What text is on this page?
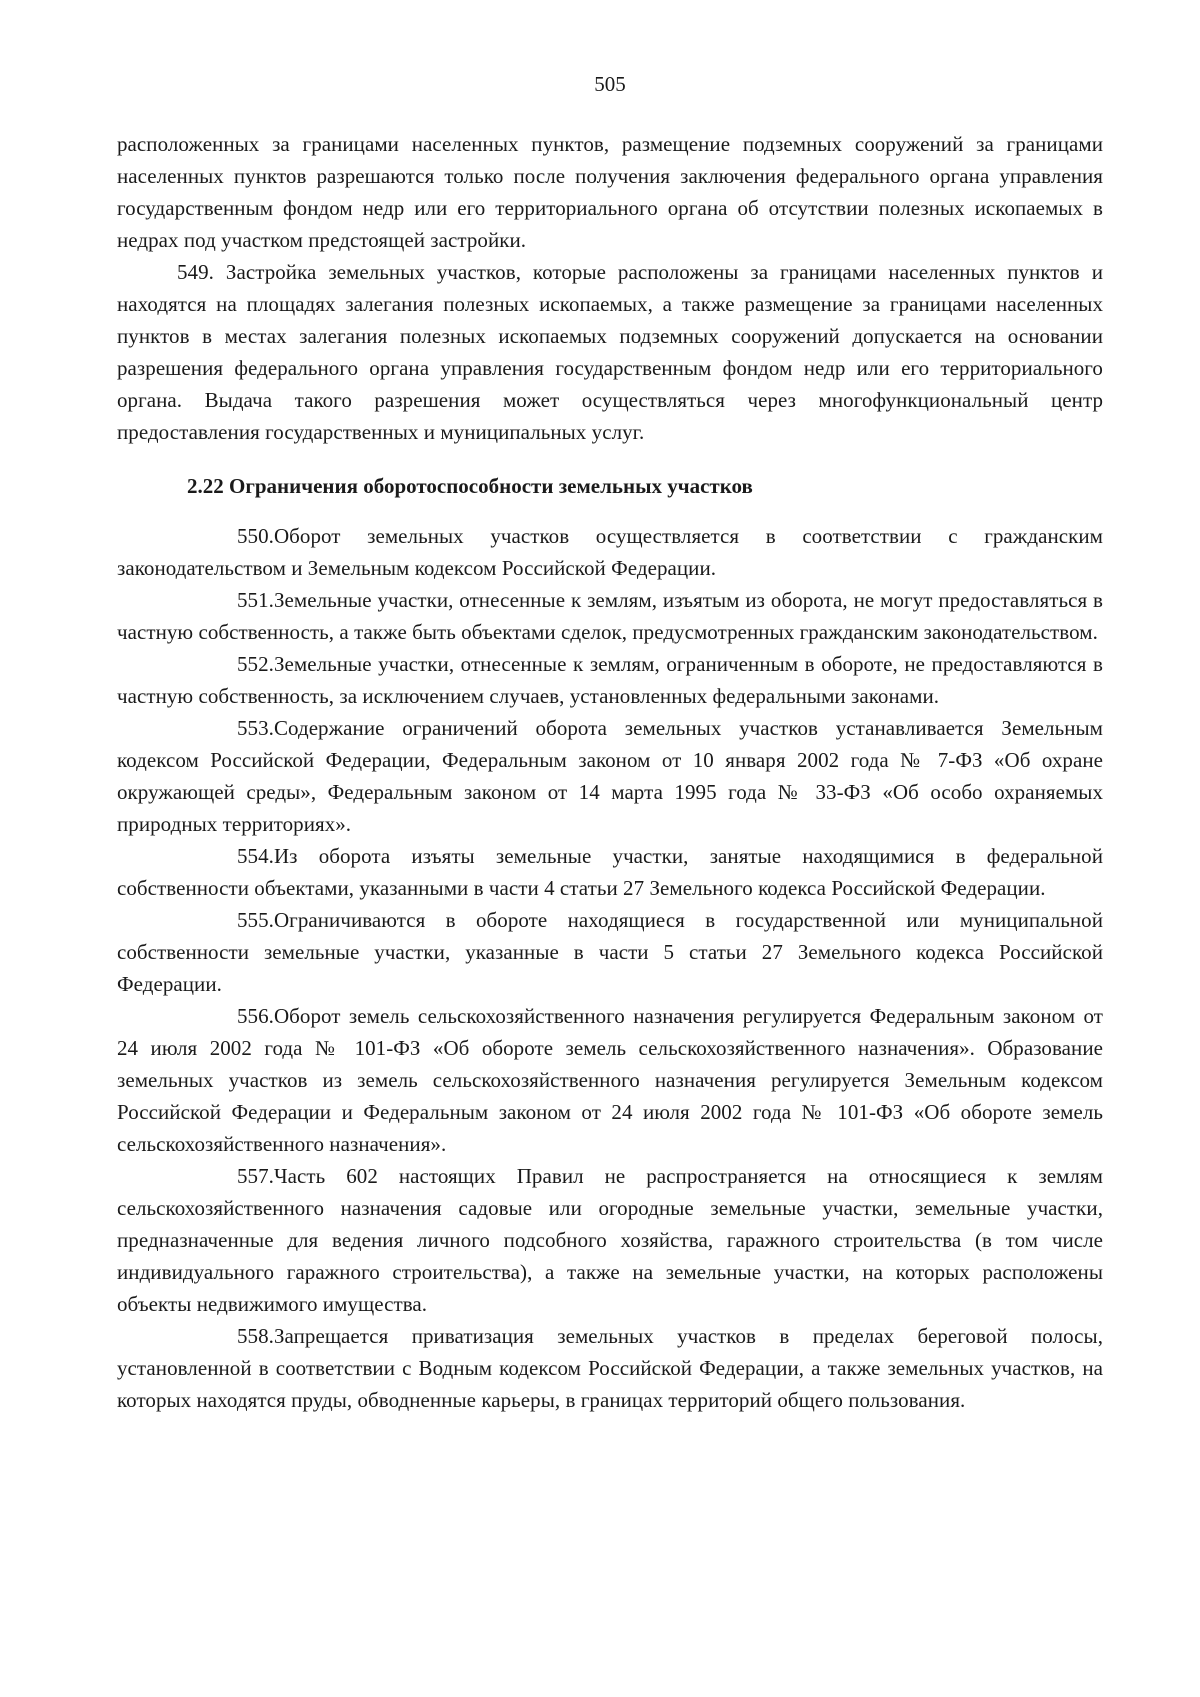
505

расположенных за границами населенных пунктов, размещение подземных сооружений за границами населенных пунктов разрешаются только после получения заключения федерального органа управления государственным фондом недр или его территориального органа об отсутствии полезных ископаемых в недрах под участком предстоящей застройки.

549. Застройка земельных участков, которые расположены за границами населенных пунктов и находятся на площадях залегания полезных ископаемых, а также размещение за границами населенных пунктов в местах залегания полезных ископаемых подземных сооружений допускается на основании разрешения федерального органа управления государственным фондом недр или его территориального органа. Выдача такого разрешения может осуществляться через многофункциональный центр предоставления государственных и муниципальных услуг.

2.22 Ограничения оборотоспособности земельных участков

550.Оборот земельных участков осуществляется в соответствии с гражданским законодательством и Земельным кодексом Российской Федерации.

551.Земельные участки, отнесенные к землям, изъятым из оборота, не могут предоставляться в частную собственность, а также быть объектами сделок, предусмотренных гражданским законодательством.

552.Земельные участки, отнесенные к землям, ограниченным в обороте, не предоставляются в частную собственность, за исключением случаев, установленных федеральными законами.

553.Содержание ограничений оборота земельных участков устанавливается Земельным кодексом Российской Федерации, Федеральным законом от 10 января 2002 года № 7-ФЗ «Об охране окружающей среды», Федеральным законом от 14 марта 1995 года № 33-ФЗ «Об особо охраняемых природных территориях».

554.Из оборота изъяты земельные участки, занятые находящимися в федеральной собственности объектами, указанными в части 4 статьи 27 Земельного кодекса Российской Федерации.

555.Ограничиваются в обороте находящиеся в государственной или муниципальной собственности земельные участки, указанные в части 5 статьи 27 Земельного кодекса Российской Федерации.

556.Оборот земель сельскохозяйственного назначения регулируется Федеральным законом от 24 июля 2002 года № 101-ФЗ «Об обороте земель сельскохозяйственного назначения». Образование земельных участков из земель сельскохозяйственного назначения регулируется Земельным кодексом Российской Федерации и Федеральным законом от 24 июля 2002 года № 101-ФЗ «Об обороте земель сельскохозяйственного назначения».

557.Часть 602 настоящих Правил не распространяется на относящиеся к землям сельскохозяйственного назначения садовые или огородные земельные участки, земельные участки, предназначенные для ведения личного подсобного хозяйства, гаражного строительства (в том числе индивидуального гаражного строительства), а также на земельные участки, на которых расположены объекты недвижимого имущества.

558.Запрещается приватизация земельных участков в пределах береговой полосы, установленной в соответствии с Водным кодексом Российской Федерации, а также земельных участков, на которых находятся пруды, обводненные карьеры, в границах территорий общего пользования.
